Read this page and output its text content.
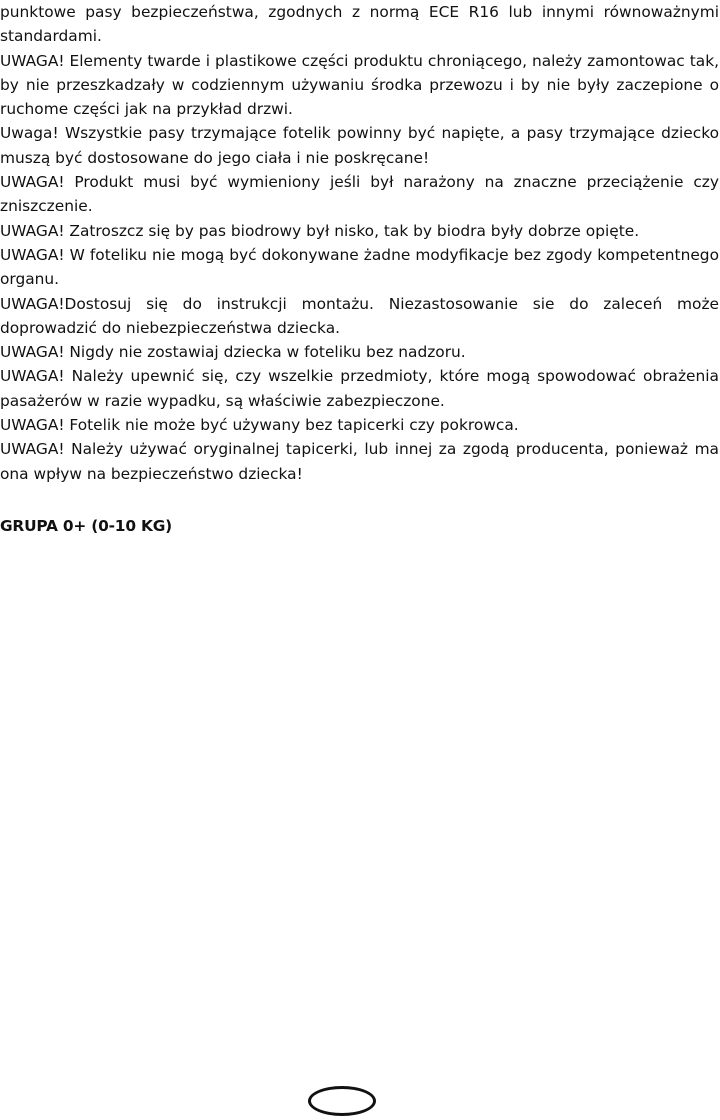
punktowe pasy bezpieczeństwa, zgodnych z normą ECE R16 lub innymi równoważnymi standardami.

UWAGA! Elementy twarde i plastikowe części produktu chroniącego, należy zamontowac tak, by nie przeszkadzały w codziennym używaniu środka przewozu i by nie były zaczepione o ruchome części jak na przykład drzwi.

Uwaga! Wszystkie pasy trzymające fotelik powinny być napięte, a pasy trzymające dziecko muszą być dostosowane do jego ciała i nie poskręcane!

UWAGA! Produkt musi być wymieniony jeśli był narażony na znaczne przeciążenie czy zniszczenie.

UWAGA! Zatroszcz się by pas biodrowy był nisko, tak by biodra były dobrze opięte.

UWAGA! W foteliku nie mogą być dokonywane żadne modyfikacje bez zgody kompetentnego organu.

UWAGA!Dostosuj się do instrukcji montażu. Niezastosowanie sie do zaleceń może doprowadzić do niebezpieczeństwa dziecka.

UWAGA! Nigdy nie zostawiaj dziecka w foteliku bez nadzoru.

UWAGA! Należy upewnić się, czy wszelkie przedmioty, które mogą spowodować obrażenia pasażerów w razie wypadku, są właściwie zabezpieczone.

UWAGA! Fotelik nie może być używany bez tapicerki czy pokrowca.

UWAGA! Należy używać oryginalnej tapicerki, lub innej za zgodą producenta, ponieważ ma ona wpływ na bezpieczeństwo dziecka!

GRUPA 0+ (0-10 KG)
